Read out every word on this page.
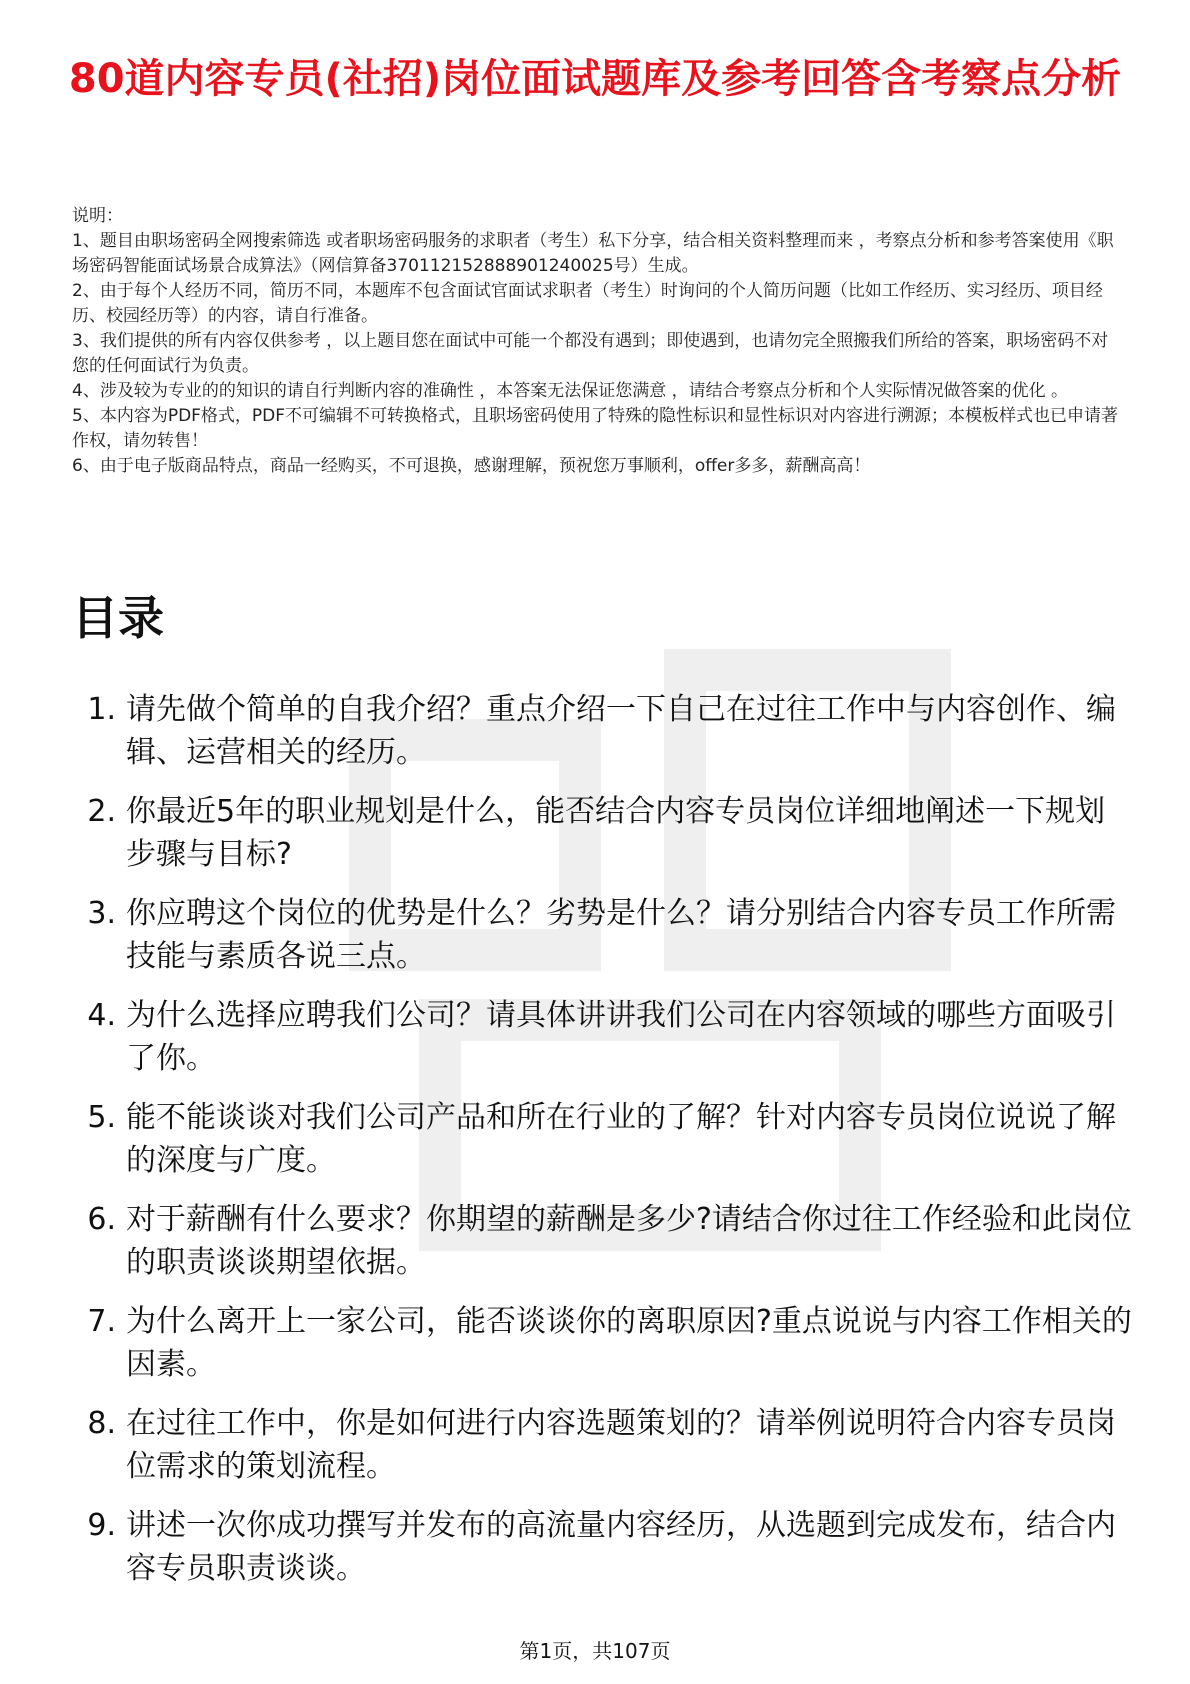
80道内容专员(社招)岗位面试题库及参考回答含考察点分析

说明：

1、题目由职场密码全网搜索筛选 或者职场密码服务的求职者（考生）私下分享，结合相关资料整理而来 ，考察点分析和参考答案使用《职场密码智能面试场景合成算法》（网信算备370112152888901240025号）生成。

2、由于每个人经历不同，简历不同，本题库不包含面试官面试求职者（考生）时询问的个人简历问题（比如工作经历、实习经历、项目经历、校园经历等）的内容，请自行准备。

3、我们提供的所有内容仅供参考 ，以上题目您在面试中可能一个都没有遇到；即使遇到，也请勿完全照搬我们所给的答案，职场密码不对您的任何面试行为负责。

4、涉及较为专业的的知识的请自行判断内容的准确性 ，本答案无法保证您满意 ，请结合考察点分析和个人实际情况做答案的优化 。

5、本内容为PDF格式，PDF不可编辑不可转换格式，且职场密码使用了特殊的隐性标识和显性标识对内容进行溯源；本模板样式也已申请著作权，请勿转售！

6、由于电子版商品特点，商品一经购买，不可退换，感谢理解，预祝您万事顺利，offer多多，薪酬高高！

目录
1. 请先做个简单的自我介绍？重点介绍一下自己在过往工作中与内容创作、编辑、运营相关的经历。
2. 你最近5年的职业规划是什么，能否结合内容专员岗位详细地阐述一下规划步骤与目标?
3. 你应聘这个岗位的优势是什么？劣势是什么？请分别结合内容专员工作所需技能与素质各说三点。
4. 为什么选择应聘我们公司？请具体讲讲我们公司在内容领域的哪些方面吸引了你。
5. 能不能谈谈对我们公司产品和所在行业的了解？针对内容专员岗位说说了解的深度与广度。
6. 对于薪酬有什么要求？你期望的薪酬是多少?请结合你过往工作经验和此岗位的职责谈谈期望依据。
7. 为什么离开上一家公司，能否谈谈你的离职原因?重点说说与内容工作相关的因素。
8. 在过往工作中，你是如何进行内容选题策划的？请举例说明符合内容专员岗位需求的策划流程。
9. 讲述一次你成功撰写并发布的高流量内容经历，从选题到完成发布，结合内容专员职责谈谈。
第1页，共107页
